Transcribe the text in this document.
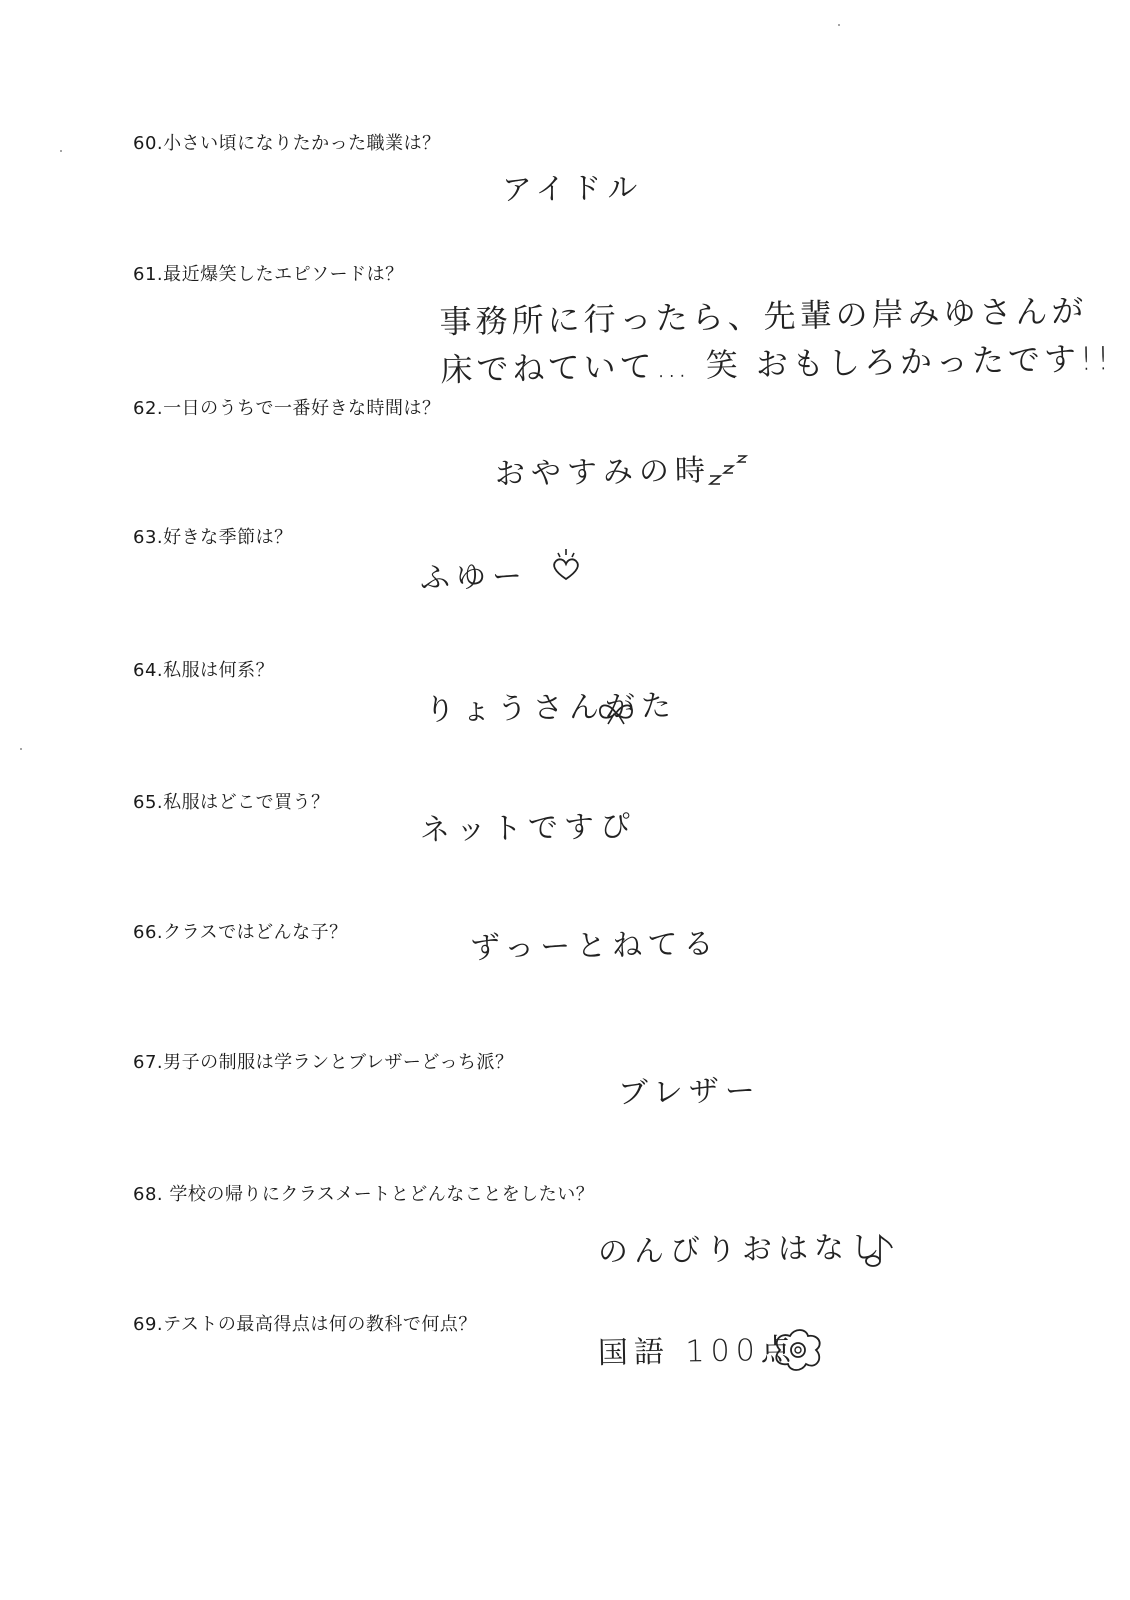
60.小さい頃になりたかった職業は？
アイドル
61.最近爆笑したエピソードは？
事務所に行ったら、先輩の岸みゆさんが
床でねていて… 笑 おもしろかったです!!
62.一日のうちで一番好きな時間は？
おやすみの時
63.好きな季節は？
ふゆー
64.私服は何系？
りょうさんがた
65.私服はどこで買う？
ネットですぴ
66.クラスではどんな子？	ずっーとねてる
67.男子の制服は学ランとブレザーどっち派？
ブレザー
68. 学校の帰りにクラスメートとどんなことをしたい？
のんびりおはなし
69.テストの最高得点は何の教科で何点？
国語 100点
